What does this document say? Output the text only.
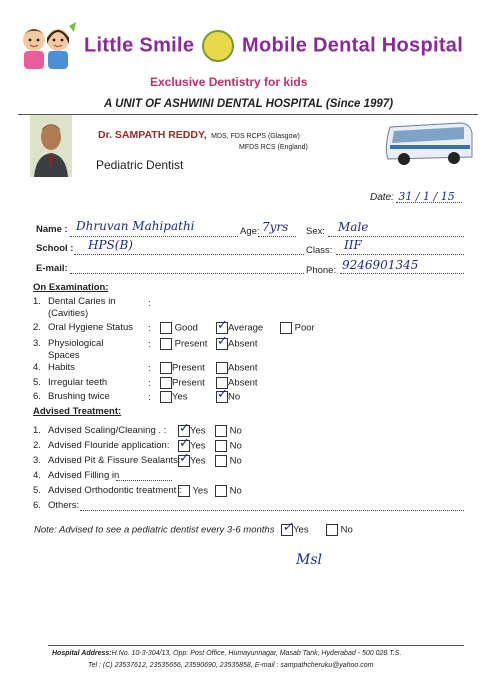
Little Smile Mobile Dental Hospital
Exclusive Dentistry for kids
A UNIT OF ASHWINI DENTAL HOSPITAL (Since 1997)
Dr. SAMPATH REDDY, MDS, FDS RCPS (Glasgow)
MFDS RCS (England)
Pediatric Dentist
Date: 31 / 1 / 15
Name : Dhruvan Mahipathi	Age: 7yrs Sex: Male
School : HPS(B)	Class: IIF
E-mail:	Phone: 9246901345
On Examination:
1. Dental Caries in
(Cavities)
:
2. Oral Hygiene Status :	Good ✓	Average	Poor
3. Physiological
Spaces
:	Present ✓	Absent
4. Habits	:	Present	Absent
5. Irregular teeth	:	Present	Absent
6. Brushing twice	:	Yes ✓	No
Advised Treatment:
1. Advised Scaling/Cleaning . : ✓	Yes	No
2. Advised Flouride application: ✓	Yes	No
3. Advised Pit & Fissure Sealants: ✓ Yes	No
4. Advised Filling in
5. Advised Orthodontic treatment :	Yes	No
6. Others:
Note: Advised to see a pediatric dentist every 3-6 months ✓ Yes	No
Msl
Hospital Address:H.No. 10-3-304/13, Opp: Post Office, Humayunnagar, Masab Tank, Hyderabad - 500 028.T.S.
Tel : (C) 23537612, 23535656, 23590690, 23535858, E-mail : sampathcheruku@yahoo.com
